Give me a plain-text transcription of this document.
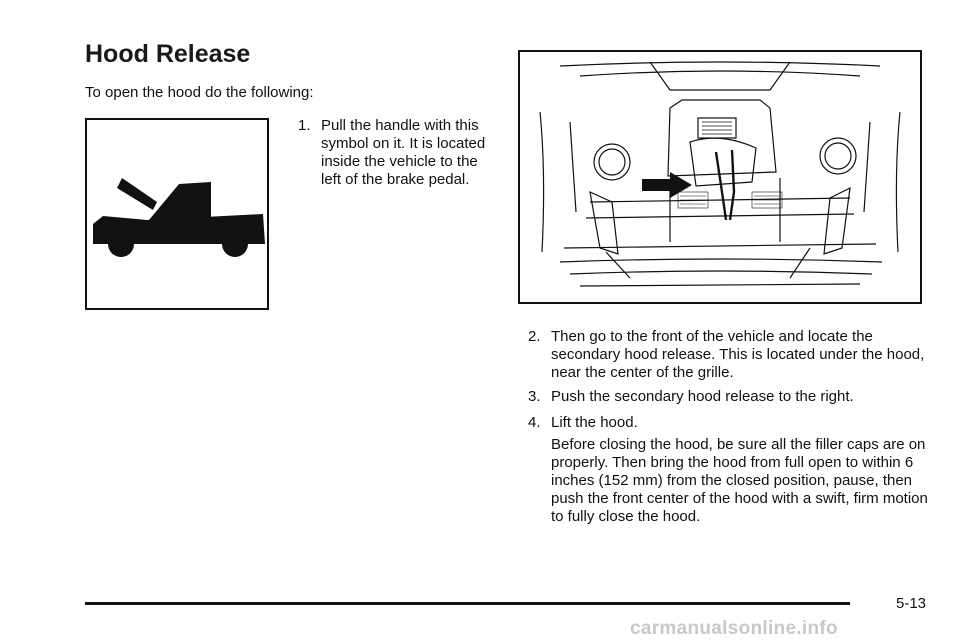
Hood Release

To open the hood do the following:

1. Pull the handle with this symbol on it. It is located inside the vehicle to the left of the brake pedal.
2. Then go to the front of the vehicle and locate the secondary hood release. This is located under the hood, near the center of the grille.
3. Push the secondary hood release to the right.
4. Lift the hood.

Before closing the hood, be sure all the filler caps are on properly. Then bring the hood from full open to within 6 inches (152 mm) from the closed position, pause, then push the front center of the hood with a swift, firm motion to fully close the hood.

5-13
carmanualsonline.info
